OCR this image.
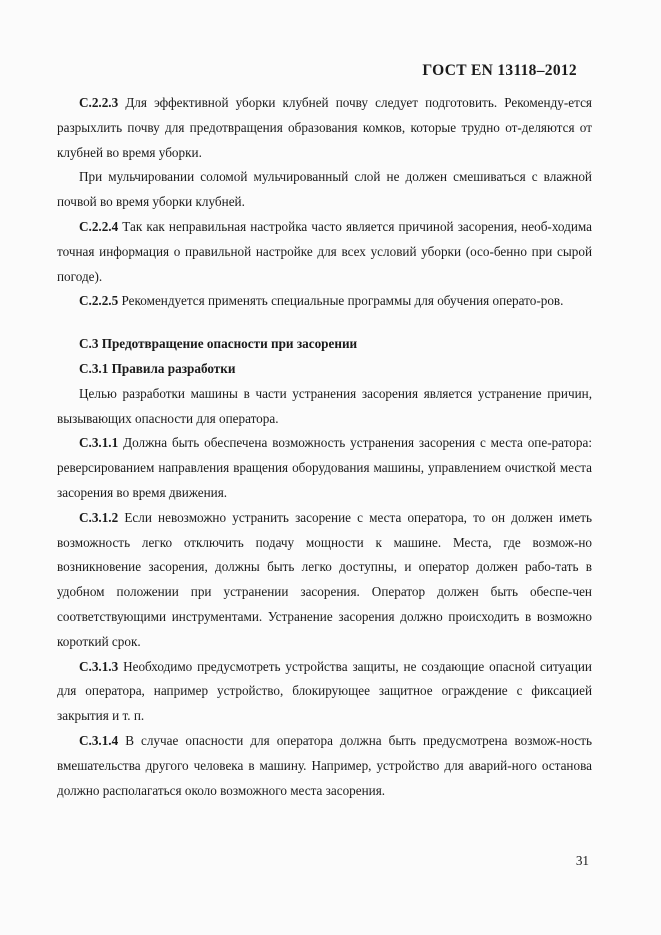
ГОСТ EN 13118–2012

C.2.2.3 Для эффективной уборки клубней почву следует подготовить. Рекоменду-ется разрыхлить почву для предотвращения образования комков, которые трудно от-деляются от клубней во время уборки.

При мульчировании соломой мульчированный слой не должен смешиваться с влажной почвой во время уборки клубней.

C.2.2.4 Так как неправильная настройка часто является причиной засорения, необ-ходима точная информация о правильной настройке для всех условий уборки (осо-бенно при сырой погоде).

C.2.2.5 Рекомендуется применять специальные программы для обучения операто-ров.

С.3 Предотвращение опасности при засорении

С.3.1 Правила разработки

Целью разработки машины в части устранения засорения является устранение причин, вызывающих опасности для оператора.

С.3.1.1 Должна быть обеспечена возможность устранения засорения с места опе-ратора: реверсированием направления вращения оборудования машины, управлением очисткой места засорения во время движения.

С.3.1.2 Если невозможно устранить засорение с места оператора, то он должен иметь возможность легко отключить подачу мощности к машине. Места, где возмож-но возникновение засорения, должны быть легко доступны, и оператор должен рабо-тать в удобном положении при устранении засорения. Оператор должен быть обеспе-чен соответствующими инструментами. Устранение засорения должно происходить в возможно короткий срок.

С.3.1.3 Необходимо предусмотреть устройства защиты, не создающие опасной ситуации для оператора, например устройство, блокирующее защитное ограждение с фиксацией закрытия и т. п.

С.3.1.4 В случае опасности для оператора должна быть предусмотрена возмож-ность вмешательства другого человека в машину. Например, устройство для аварий-ного останова должно располагаться около возможного места засорения.

31
